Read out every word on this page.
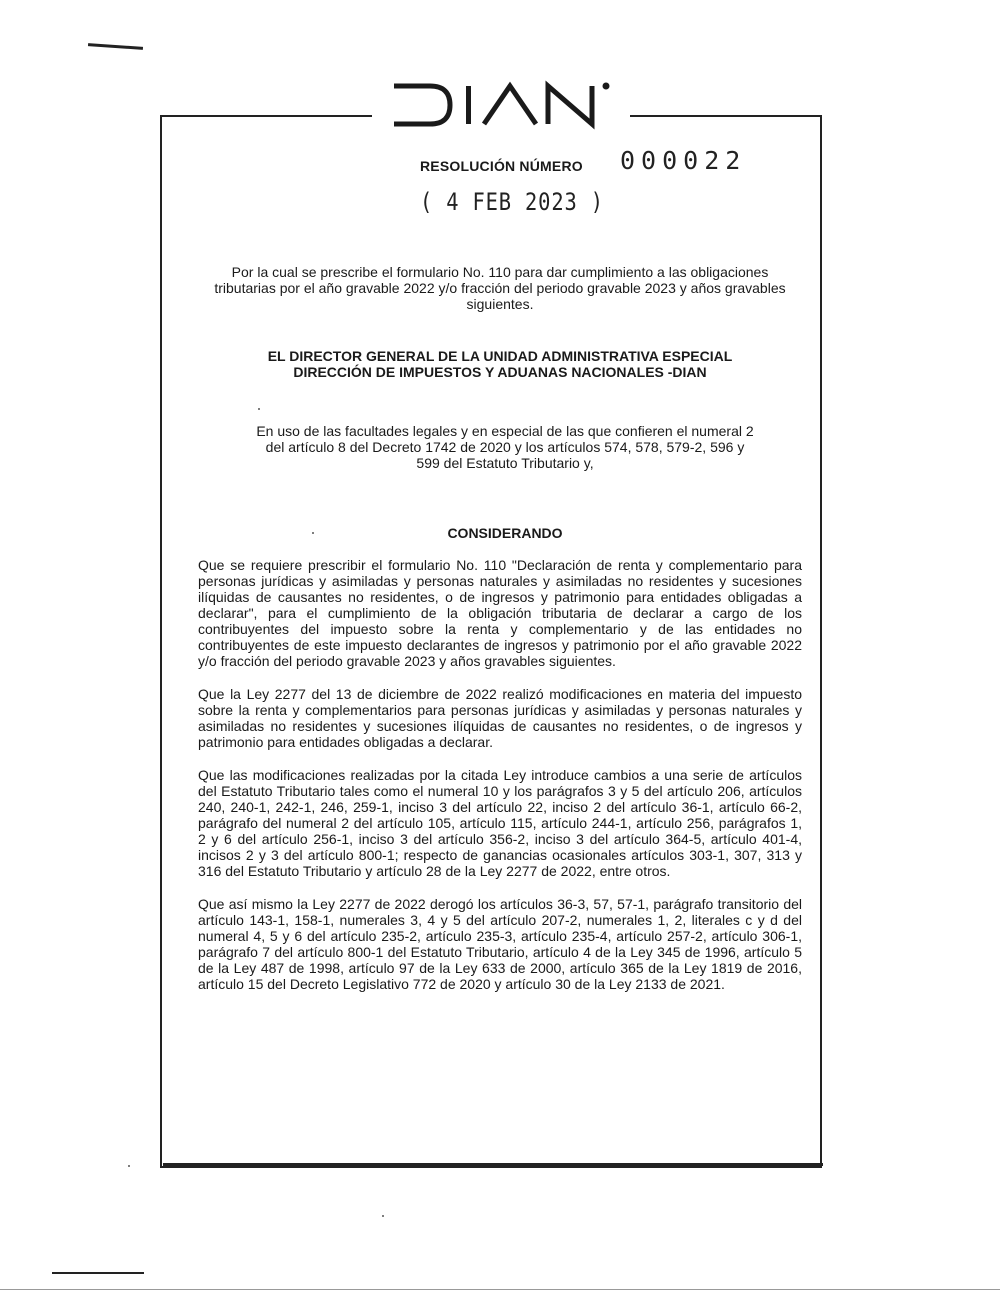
RESOLUCIÓN NÚMERO 000022
( 4 FEB 2023 )
Por la cual se prescribe el formulario No. 110 para dar cumplimiento a las obligaciones tributarias por el año gravable 2022 y/o fracción del periodo gravable 2023 y años gravables siguientes.
EL DIRECTOR GENERAL DE LA UNIDAD ADMINISTRATIVA ESPECIAL
DIRECCIÓN DE IMPUESTOS Y ADUANAS NACIONALES -DIAN
En uso de las facultades legales y en especial de las que confieren el numeral 2 del artículo 8 del Decreto 1742 de 2020 y los artículos 574, 578, 579-2, 596 y 599 del Estatuto Tributario y,
CONSIDERANDO

Que se requiere prescribir el formulario No. 110 "Declaración de renta y complementario para personas jurídicas y asimiladas y personas naturales y asimiladas no residentes y sucesiones ilíquidas de causantes no residentes, o de ingresos y patrimonio para entidades obligadas a declarar", para el cumplimiento de la obligación tributaria de declarar a cargo de los contribuyentes del impuesto sobre la renta y complementario y de las entidades no contribuyentes de este impuesto declarantes de ingresos y patrimonio por el año gravable 2022 y/o fracción del periodo gravable 2023 y años gravables siguientes.

Que la Ley 2277 del 13 de diciembre de 2022 realizó modificaciones en materia del impuesto sobre la renta y complementarios para personas jurídicas y asimiladas y personas naturales y asimiladas no residentes y sucesiones ilíquidas de causantes no residentes, o de ingresos y patrimonio para entidades obligadas a declarar.

Que las modificaciones realizadas por la citada Ley introduce cambios a una serie de artículos del Estatuto Tributario tales como el numeral 10 y los parágrafos 3 y 5 del artículo 206, artículos 240, 240-1, 242-1, 246, 259-1, inciso 3 del artículo 22, inciso 2 del artículo 36-1, artículo 66-2, parágrafo del numeral 2 del artículo 105, artículo 115, artículo 244-1, artículo 256, parágrafos 1, 2 y 6 del artículo 256-1, inciso 3 del artículo 356-2, inciso 3 del artículo 364-5, artículo 401-4, incisos 2 y 3 del artículo 800-1; respecto de ganancias ocasionales artículos 303-1, 307, 313 y 316 del Estatuto Tributario y artículo 28 de la Ley 2277 de 2022, entre otros.

Que así mismo la Ley 2277 de 2022 derogó los artículos 36-3, 57, 57-1, parágrafo transitorio del artículo 143-1, 158-1, numerales 3, 4 y 5 del artículo 207-2, numerales 1, 2, literales c y d del numeral 4, 5 y 6 del artículo 235-2, artículo 235-3, artículo 235-4, artículo 257-2, artículo 306-1, parágrafo 7 del artículo 800-1 del Estatuto Tributario, artículo 4 de la Ley 345 de 1996, artículo 5 de la Ley 487 de 1998, artículo 97 de la Ley 633 de 2000, artículo 365 de la Ley 1819 de 2016, artículo 15 del Decreto Legislativo 772 de 2020 y artículo 30 de la Ley 2133 de 2021.
